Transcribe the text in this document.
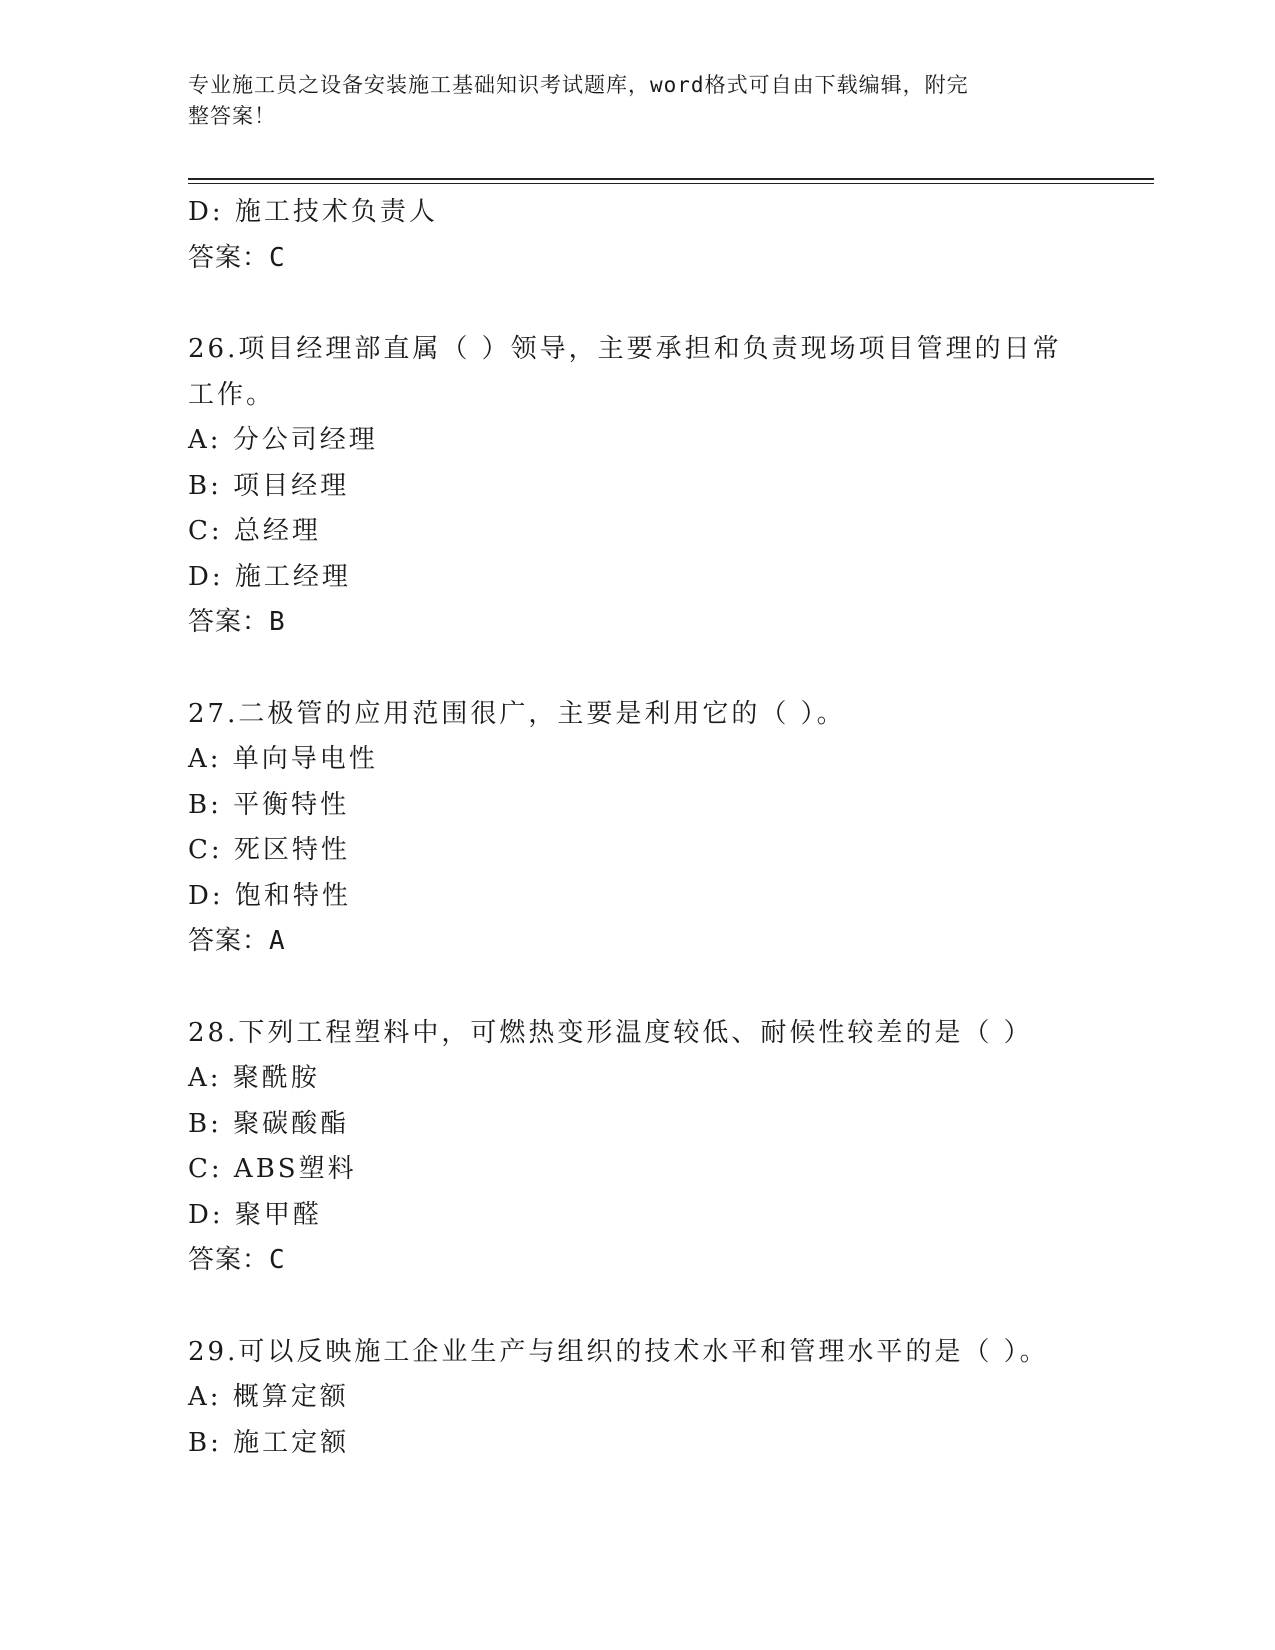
专业施工员之设备安装施工基础知识考试题库，word格式可自由下载编辑，附完
整答案！
D: 施工技术负责人
答案：C
26.项目经理部直属（ ）领导，主要承担和负责现场项目管理的日常
工作。
A: 分公司经理
B: 项目经理
C: 总经理
D: 施工经理
答案：B
27.二极管的应用范围很广，主要是利用它的（ ）。
A: 单向导电性
B: 平衡特性
C: 死区特性
D: 饱和特性
答案：A
28.下列工程塑料中，可燃热变形温度较低、耐候性较差的是（ ）
A: 聚酰胺
B: 聚碳酸酯
C: ABS塑料
D: 聚甲醛
答案：C
29.可以反映施工企业生产与组织的技术水平和管理水平的是（ ）。
A: 概算定额
B: 施工定额
